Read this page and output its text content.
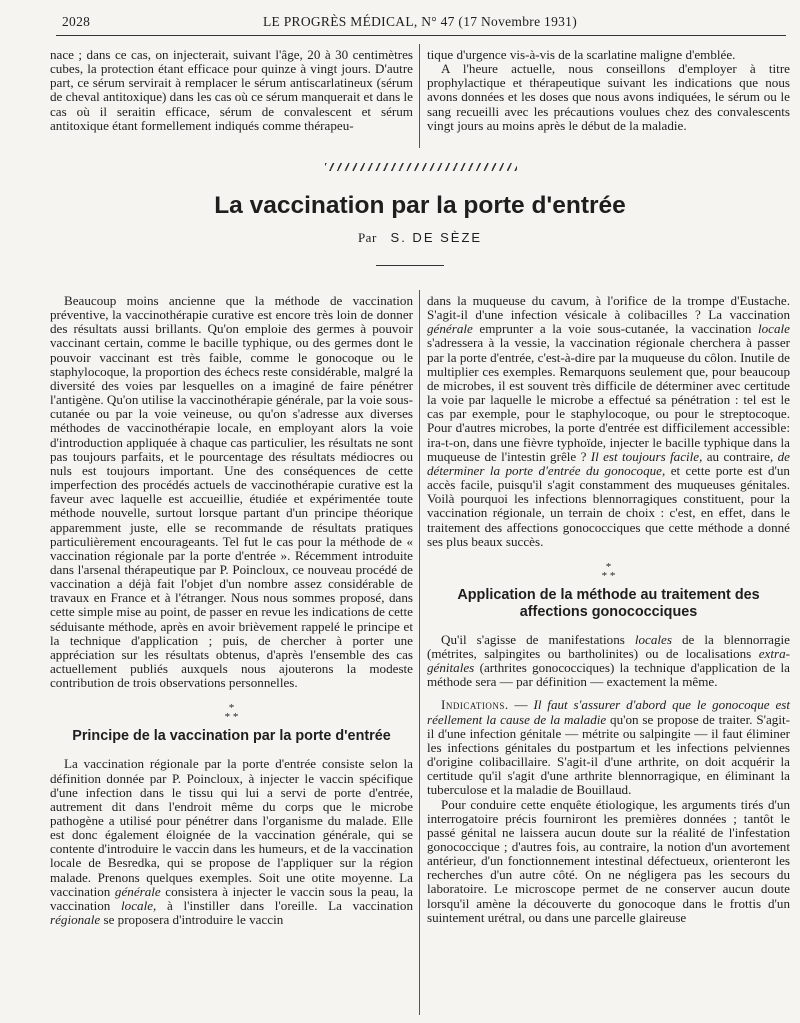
2028	LE PROGRÈS MÉDICAL, N° 47 (17 Novembre 1931)

nace ; dans ce cas, on injecterait, suivant l'âge, 20 à 30 centimètres cubes, la protection étant efficace pour quinze à vingt jours. D'autre part, ce sérum servirait à remplacer le sérum antiscarlatineux (sérum de cheval antitoxique) dans les cas où ce sérum manquerait et dans le cas où il seraitin efficace, sérum de convalescent et sérum antitoxique étant formellement indiqués comme thérapeu-

tique d'urgence vis-à-vis de la scarlatine maligne d'emblée.

A l'heure actuelle, nous conseillons d'employer à titre prophylactique et thérapeutique suivant les indications que nous avons données et les doses que nous avons indiquées, le sérum ou le sang recueilli avec les précautions voulues chez des convalescents vingt jours au moins après le début de la maladie.

La vaccination par la porte d'entrée
Par S. DE SÈZE

Beaucoup moins ancienne que la méthode de vaccination préventive, la vaccinothérapie curative est encore très loin de donner des résultats aussi brillants. Qu'on emploie des germes à pouvoir vaccinant certain, comme le bacille typhique, ou des germes dont le pouvoir vaccinant est très faible, comme le gonocoque ou le staphylocoque, la proportion des échecs reste considérable, malgré la diversité des voies par lesquelles on a imaginé de faire pénétrer l'antigène. Qu'on utilise la vaccinothérapie générale, par la voie sous-cutanée ou par la voie veineuse, ou qu'on s'adresse aux diverses méthodes de vaccinothérapie locale, en employant alors la voie d'introduction appliquée à chaque cas particulier, les résultats ne sont pas toujours parfaits, et le pourcentage des résultats médiocres ou nuls est toujours important. Une des conséquences de cette imperfection des procédés actuels de vaccinothérapie curative est la faveur avec laquelle est accueillie, étudiée et expérimentée toute méthode nouvelle, surtout lorsque partant d'un principe théorique apparemment juste, elle se recommande de résultats pratiques particulièrement encourageants. Tel fut le cas pour la méthode de « vaccination régionale par la porte d'entrée ». Récemment introduite dans l'arsenal thérapeutique par P. Poincloux, ce nouveau procédé de vaccination a déjà fait l'objet d'un nombre assez considérable de travaux en France et à l'étranger. Nous nous sommes proposé, dans cette simple mise au point, de passer en revue les indications de cette séduisante méthode, après en avoir brièvement rappelé le principe et la technique d'application ; puis, de chercher à porter une appréciation sur les résultats obtenus, d'après l'ensemble des cas actuellement publiés auxquels nous ajouterons la modeste contribution de trois observations personnelles.

*
* *
Principe de la vaccination par la porte d'entrée

La vaccination régionale par la porte d'entrée consiste selon la définition donnée par P. Poincloux, à injecter le vaccin spécifique d'une infection dans le tissu qui lui a servi de porte d'entrée, autrement dit dans l'endroit même du corps que le microbe pathogène a utilisé pour pénétrer dans l'organisme du malade. Elle est donc également éloignée de la vaccination générale, qui se contente d'introduire le vaccin dans les humeurs, et de la vaccination locale de Besredka, qui se propose de l'appliquer sur la région malade. Prenons quelques exemples. Soit une otite moyenne. La vaccination générale consistera à injecter le vaccin sous la peau, la vaccination locale, à l'instiller dans l'oreille. La vaccination régionale se proposera d'introduire le vaccin

dans la muqueuse du cavum, à l'orifice de la trompe d'Eustache. S'agit-il d'une infection vésicale à colibacilles ? La vaccination générale emprunter a la voie sous-cutanée, la vaccination locale s'adressera à la vessie, la vaccination régionale cherchera à passer par la porte d'entrée, c'est-à-dire par la muqueuse du côlon. Inutile de multiplier ces exemples. Remarquons seulement que, pour beaucoup de microbes, il est souvent très difficile de déterminer avec certitude la voie par laquelle le microbe a effectué sa pénétration : tel est le cas par exemple, pour le staphylocoque, ou pour le streptocoque. Pour d'autres microbes, la porte d'entrée est difficilement accessible: ira-t-on, dans une fièvre typhoïde, injecter le bacille typhique dans la muqueuse de l'intestin grêle ? Il est toujours facile, au contraire, de déterminer la porte d'entrée du gonocoque, et cette porte est d'un accès facile, puisqu'il s'agit constamment des muqueuses génitales. Voilà pourquoi les infections blennorragiques constituent, pour la vaccination régionale, un terrain de choix : c'est, en effet, dans le traitement des affections gonococciques que cette méthode a donné ses plus beaux succès.

*
* *
Application de la méthode au traitement des affections gonococciques

Qu'il s'agisse de manifestations locales de la blennorragie (métrites, salpingites ou bartholinites) ou de localisations extra-génitales (arthrites gonococciques) la technique d'application de la méthode sera — par définition — exactement la même.

Indications. — Il faut s'assurer d'abord que le gonocoque est réellement la cause de la maladie qu'on se propose de traiter. S'agit-il d'une infection génitale — métrite ou salpingite — il faut éliminer les infections génitales du postpartum et les infections pelviennes d'origine colibacillaire. S'agit-il d'une arthrite, on doit acquérir la certitude qu'il s'agit d'une arthrite blennorragique, en éliminant la tuberculose et la maladie de Bouillaud.

Pour conduire cette enquête étiologique, les arguments tirés d'un interrogatoire précis fourniront les premières données ; tantôt le passé génital ne laissera aucun doute sur la réalité de l'infestation gonococcique ; d'autres fois, au contraire, la notion d'un avortement antérieur, d'un fonctionnement intestinal défectueux, orienteront les recherches d'un autre côté. On ne négligera pas les secours du laboratoire. Le microscope permet de ne conserver aucun doute lorsqu'il amène la découverte du gonocoque dans le frottis d'un suintement urétral, ou dans une parcelle glaireuse
